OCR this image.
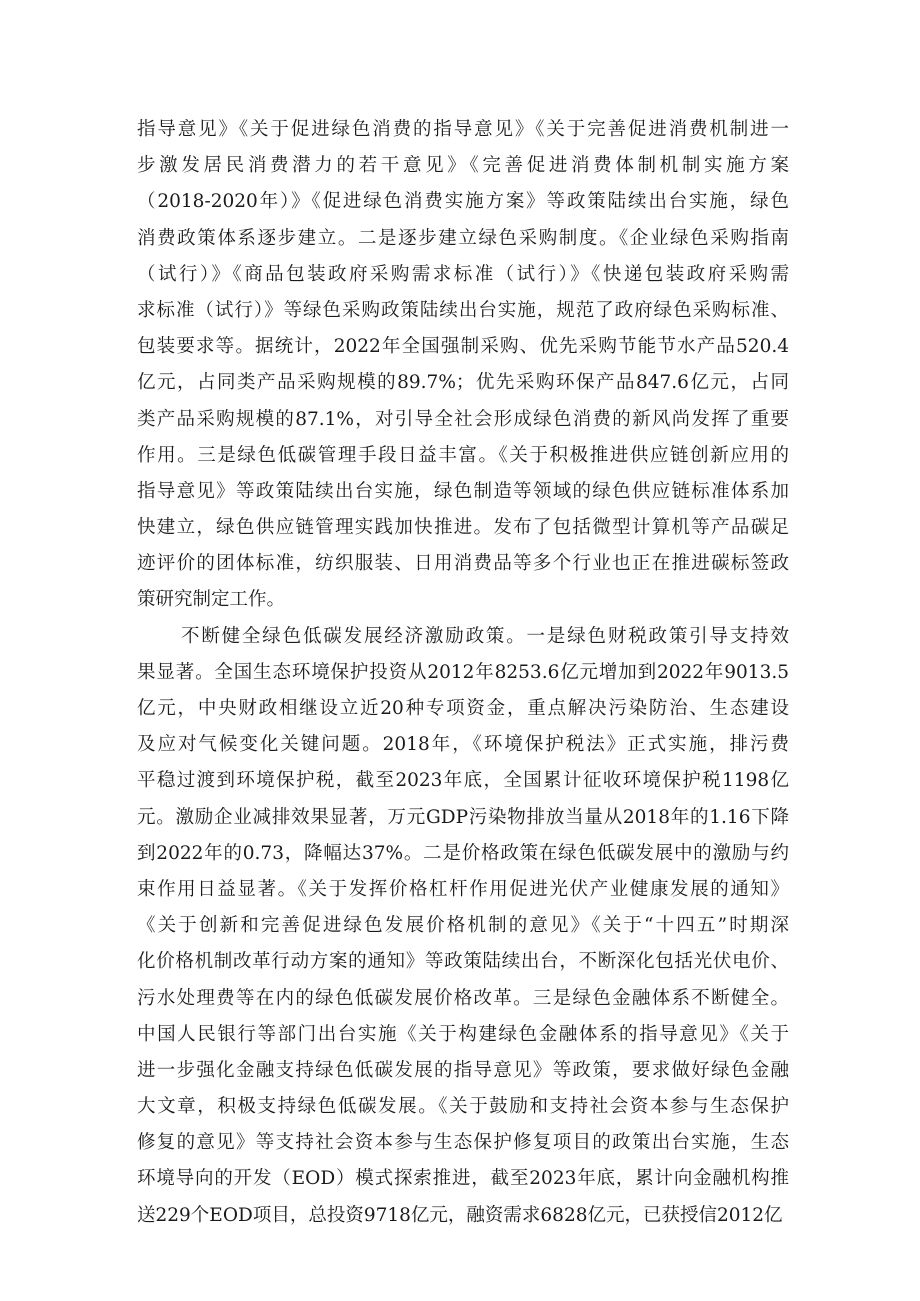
指导意见》《关于促进绿色消费的指导意见》《关于完善促进消费机制进一
步激发居民消费潜力的若干意见》《完善促进消费体制机制实施方案
（2018-2020年）》《促进绿色消费实施方案》等政策陆续出台实施，绿色
消费政策体系逐步建立。二是逐步建立绿色采购制度。《企业绿色采购指南
（试行）》《商品包装政府采购需求标准（试行）》《快递包装政府采购需
求标准（试行）》等绿色采购政策陆续出台实施，规范了政府绿色采购标准、
包装要求等。据统计，2022年全国强制采购、优先采购节能节水产品520.4
亿元，占同类产品采购规模的89.7%；优先采购环保产品847.6亿元，占同
类产品采购规模的87.1%，对引导全社会形成绿色消费的新风尚发挥了重要
作用。三是绿色低碳管理手段日益丰富。《关于积极推进供应链创新应用的
指导意见》等政策陆续出台实施，绿色制造等领域的绿色供应链标准体系加
快建立，绿色供应链管理实践加快推进。发布了包括微型计算机等产品碳足
迹评价的团体标准，纺织服装、日用消费品等多个行业也正在推进碳标签政
策研究制定工作。
不断健全绿色低碳发展经济激励政策。一是绿色财税政策引导支持效
果显著。全国生态环境保护投资从2012年8253.6亿元增加到2022年9013.5
亿元，中央财政相继设立近20种专项资金，重点解决污染防治、生态建设
及应对气候变化关键问题。2018年，《环境保护税法》正式实施，排污费
平稳过渡到环境保护税，截至2023年底，全国累计征收环境保护税1198亿
元。激励企业减排效果显著，万元GDP污染物排放当量从2018年的1.16下降
到2022年的0.73，降幅达37%。二是价格政策在绿色低碳发展中的激励与约
束作用日益显著。《关于发挥价格杠杆作用促进光伏产业健康发展的通知》
《关于创新和完善促进绿色发展价格机制的意见》《关于“十四五”时期深
化价格机制改革行动方案的通知》等政策陆续出台，不断深化包括光伏电价、
污水处理费等在内的绿色低碳发展价格改革。三是绿色金融体系不断健全。
中国人民银行等部门出台实施《关于构建绿色金融体系的指导意见》《关于
进一步强化金融支持绿色低碳发展的指导意见》等政策，要求做好绿色金融
大文章，积极支持绿色低碳发展。《关于鼓励和支持社会资本参与生态保护
修复的意见》等支持社会资本参与生态保护修复项目的政策出台实施，生态
环境导向的开发（EOD）模式探索推进，截至2023年底，累计向金融机构推
送229个EOD项目，总投资9718亿元，融资需求6828亿元，已获授信2012亿
